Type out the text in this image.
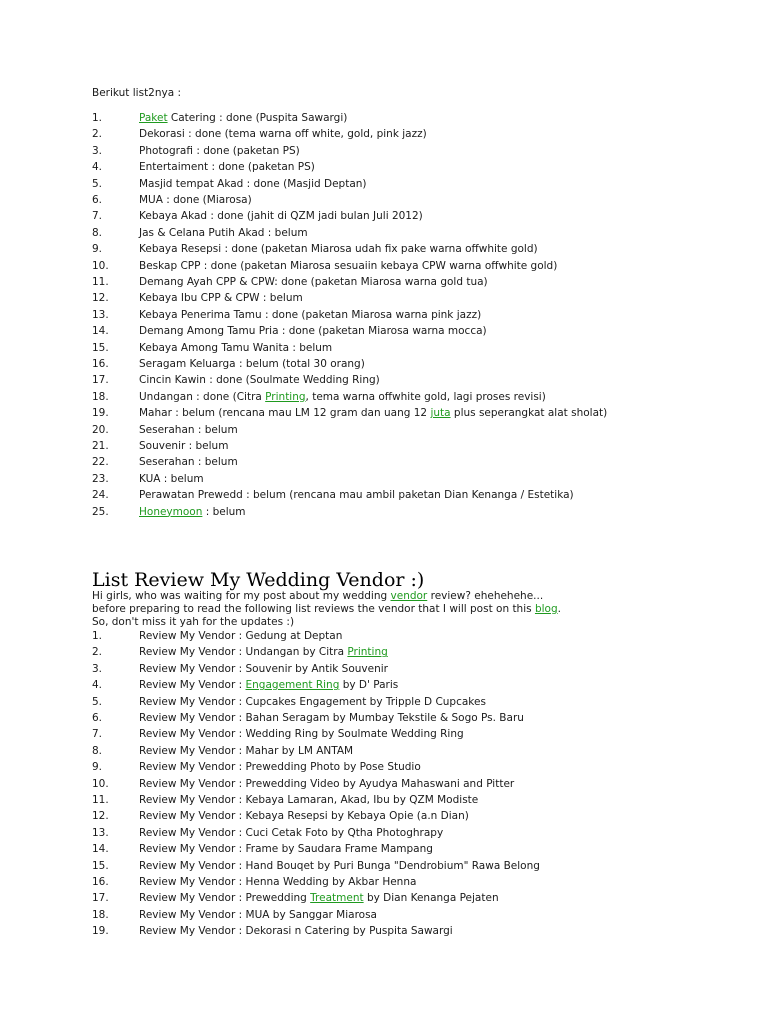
Berikut list2nya :
1.	Paket Catering : done (Puspita Sawargi)
2.	Dekorasi : done (tema warna off white, gold, pink jazz)
3.	Photografi : done (paketan PS)
4.	Entertaiment : done (paketan PS)
5.	Masjid tempat Akad : done (Masjid Deptan)
6.	MUA : done (Miarosa)
7.	Kebaya Akad : done (jahit di QZM jadi bulan Juli 2012)
8.	Jas & Celana Putih Akad : belum
9.	Kebaya Resepsi : done (paketan Miarosa udah fix pake warna offwhite gold)
10.	Beskap CPP : done (paketan Miarosa sesuaiin kebaya CPW warna offwhite gold)
11.	Demang Ayah CPP & CPW: done (paketan Miarosa warna gold tua)
12.	Kebaya Ibu CPP & CPW : belum
13.	Kebaya Penerima Tamu : done (paketan Miarosa warna pink jazz)
14.	Demang Among Tamu Pria : done (paketan Miarosa warna mocca)
15.	Kebaya Among Tamu Wanita : belum
16.	Seragam Keluarga : belum (total 30 orang)
17.	Cincin Kawin : done (Soulmate Wedding Ring)
18.	Undangan : done (Citra Printing, tema warna offwhite gold, lagi proses revisi)
19.	Mahar : belum (rencana mau LM 12 gram dan uang 12 juta plus seperangkat alat sholat)
20.	Seserahan : belum
21.	Souvenir : belum
22.	Seserahan : belum
23.	KUA : belum
24.	Perawatan Prewedd : belum (rencana mau ambil paketan Dian Kenanga / Estetika)
25.	Honeymoon : belum
List Review My Wedding Vendor :)
Hi girls, who was waiting for my post about my wedding vendor review? ehehehehe...
before preparing to read the following list reviews the vendor that I will post on this blog.
So, don't miss it yah for the updates :)
1.	Review My Vendor : Gedung at Deptan
2.	Review My Vendor : Undangan by Citra Printing
3.	Review My Vendor : Souvenir by Antik Souvenir
4.	Review My Vendor : Engagement Ring by D' Paris
5.	Review My Vendor : Cupcakes Engagement by Tripple D Cupcakes
6.	Review My Vendor : Bahan Seragam by Mumbay Tekstile & Sogo Ps. Baru
7.	Review My Vendor : Wedding Ring by Soulmate Wedding Ring
8.	Review My Vendor : Mahar by LM ANTAM
9.	Review My Vendor : Prewedding Photo by Pose Studio
10.	Review My Vendor : Prewedding Video by Ayudya Mahaswani and Pitter
11.	Review My Vendor : Kebaya Lamaran, Akad, Ibu by QZM Modiste
12.	Review My Vendor : Kebaya Resepsi by Kebaya Opie (a.n Dian)
13.	Review My Vendor : Cuci Cetak Foto by Qtha Photoghrapy
14.	Review My Vendor : Frame by Saudara Frame Mampang
15.	Review My Vendor : Hand Bouqet by Puri Bunga "Dendrobium" Rawa Belong
16.	Review My Vendor : Henna Wedding by Akbar Henna
17.	Review My Vendor : Prewedding Treatment by Dian Kenanga Pejaten
18.	Review My Vendor : MUA by Sanggar Miarosa
19.	Review My Vendor : Dekorasi n Catering by Puspita Sawargi
